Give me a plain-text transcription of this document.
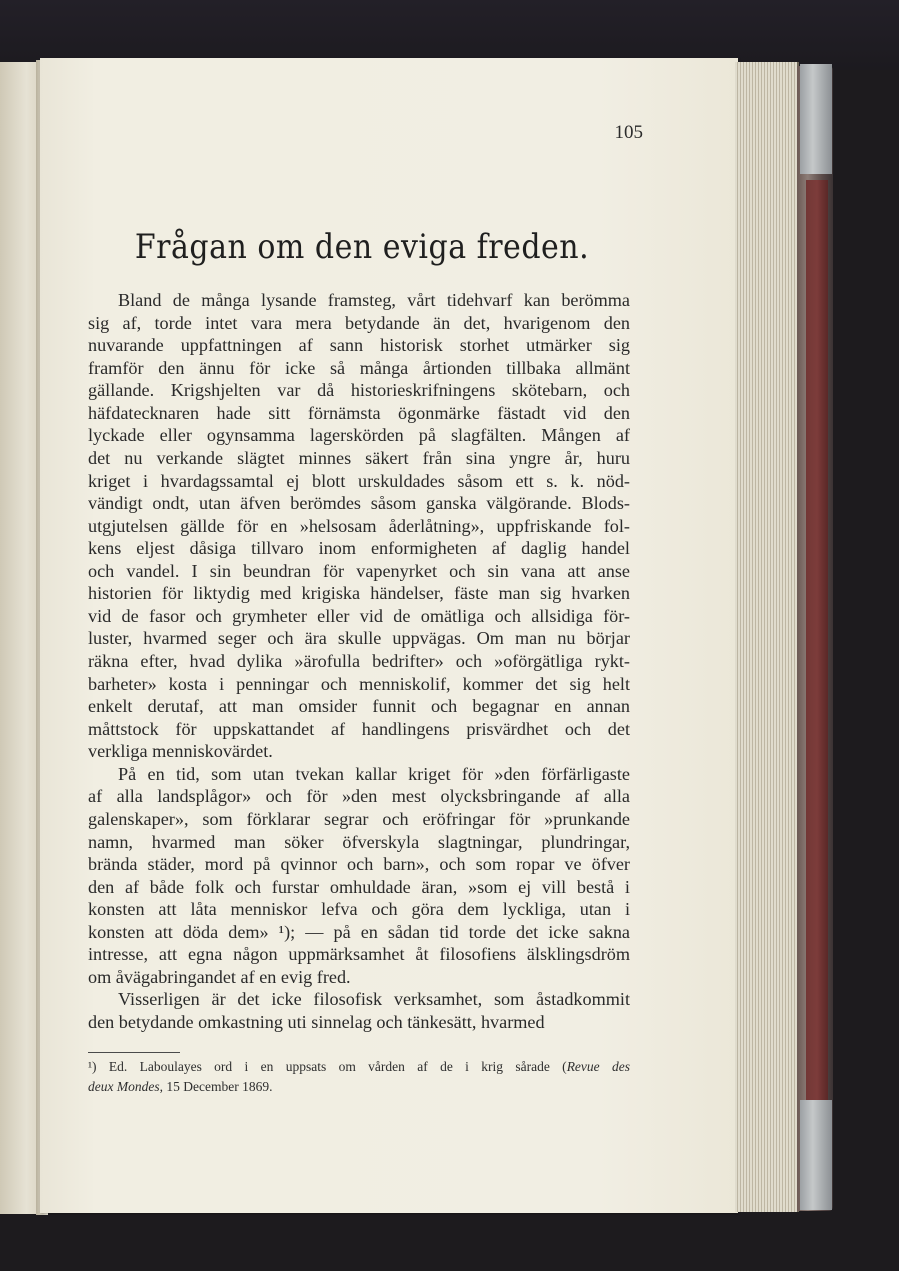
105
Frågan om den eviga freden.
Bland de många lysande framsteg, vårt tidehvarf kan berömma
sig af, torde intet vara mera betydande än det, hvarigenom den
nuvarande uppfattningen af sann historisk storhet utmärker sig
framför den ännu för icke så många årtionden tillbaka allmänt
gällande. Krigshjelten var då historieskrifningens skötebarn, och
häfdatecknaren hade sitt förnämsta ögonmärke fästadt vid den
lyckade eller ogynsamma lagerskörden på slagfälten. Mången af
det nu verkande slägtet minnes säkert från sina yngre år, huru
kriget i hvardagssamtal ej blott urskuldades såsom ett s. k. nöd-
vändigt ondt, utan äfven berömdes såsom ganska välgörande. Blods-
utgjutelsen gällde för en »helsosam åderlåtning», uppfriskande fol-
kens eljest dåsiga tillvaro inom enformigheten af daglig handel
och vandel. I sin beundran för vapenyrket och sin vana att anse
historien för liktydig med krigiska händelser, fäste man sig hvarken
vid de fasor och grymheter eller vid de omätliga och allsidiga för-
luster, hvarmed seger och ära skulle uppvägas. Om man nu börjar
räkna efter, hvad dylika »ärofulla bedrifter» och »oförgätliga rykt-
barheter» kosta i penningar och menniskolif, kommer det sig helt
enkelt derutaf, att man omsider funnit och begagnar en annan
måttstock för uppskattandet af handlingens prisvärdhet och det
verkliga menniskovärdet.
På en tid, som utan tvekan kallar kriget för »den förfärligaste
af alla landsplågor» och för »den mest olycksbringande af alla
galenskaper», som förklarar segrar och eröfringar för »prunkande
namn, hvarmed man söker öfverskyla slagtningar, plundringar,
brända städer, mord på qvinnor och barn», och som ropar ve öfver
den af både folk och furstar omhuldade äran, »som ej vill bestå i
konsten att låta menniskor lefva och göra dem lyckliga, utan i
konsten att döda dem» ¹); — på en sådan tid torde det icke sakna
intresse, att egna någon uppmärksamhet åt filosofiens älsklingsdröm
om åvägabringandet af en evig fred.
Visserligen är det icke filosofisk verksamhet, som åstadkommit
den betydande omkastning uti sinnelag och tänkesätt, hvarmed
¹) Ed. Laboulayes ord i en uppsats om vården af de i krig sårade (Revue des
deux Mondes, 15 December 1869.
